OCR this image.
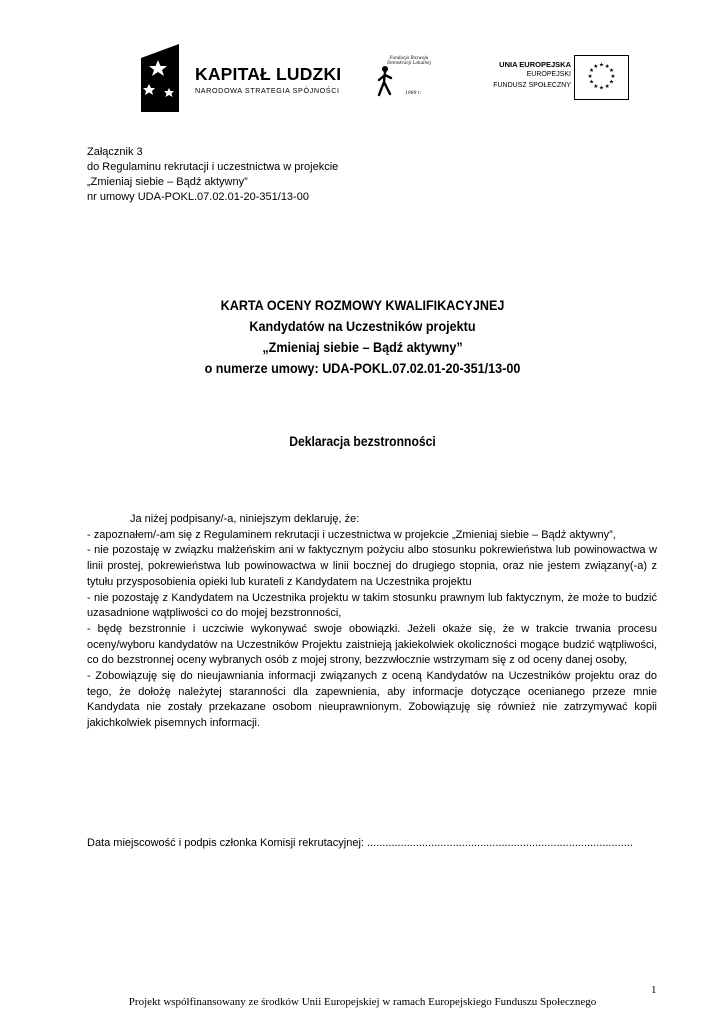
KAPITAŁ LUDZKI
NARODOWA STRATEGIA SPÓJNOŚCI
Fundacja Rozwoju Demokracji Lokalnej
1989 r.
UNIA EUROPEJSKA
EUROPEJSKI
FUNDUSZ SPOŁECZNY
★ ★
★
★
★
★
★
★
★
★
★
★
Załącznik 3
do Regulaminu rekrutacji i uczestnictwa w projekcie
„Zmieniaj siebie – Bądź aktywny”
nr umowy UDA-POKL.07.02.01-20-351/13-00
KARTA OCENY ROZMOWY KWALIFIKACYJNEJ
Kandydatów na Uczestników projektu
„Zmieniaj siebie – Bądź aktywny”
o numerze umowy: UDA-POKL.07.02.01-20-351/13-00
Deklaracja bezstronności

Ja niżej podpisany/-a, niniejszym deklaruję, że:

- zapoznałem/-am się z Regulaminem rekrutacji i uczestnictwa w projekcie „Zmieniaj siebie – Bądź aktywny”,

- nie pozostaję w związku małżeńskim ani w faktycznym pożyciu albo stosunku pokrewieństwa lub powinowactwa w linii prostej, pokrewieństwa lub powinowactwa w linii bocznej do drugiego stopnia, oraz nie jestem związany(-a) z tytułu przysposobienia opieki lub kurateli z Kandydatem na Uczestnika projektu

- nie pozostaję z Kandydatem na Uczestnika projektu w takim stosunku prawnym lub faktycznym, że może to budzić uzasadnione wątpliwości co do mojej bezstronności,

- będę bezstronnie i uczciwie wykonywać swoje obowiązki. Jeżeli okaże się, że w trakcie trwania procesu oceny/wyboru kandydatów na Uczestników Projektu zaistnieją jakiekolwiek okoliczności mogące budzić wątpliwości, co do bezstronnej oceny wybranych osób z mojej strony, bezzwłocznie wstrzymam się z od oceny danej osoby,

- Zobowiązuję się do nieujawniania informacji związanych z oceną Kandydatów na Uczestników projektu oraz do tego, że dołożę należytej staranności dla zapewnienia, aby informacje dotyczące ocenianego przeze mnie Kandydata nie zostały przekazane osobom nieuprawnionym. Zobowiązuję się również nie zatrzymywać kopii jakichkolwiek pisemnych informacji.

Data miejscowość i podpis członka Komisji rekrutacyjnej: .......................................................................................
1
Projekt współfinansowany ze środków Unii Europejskiej w ramach Europejskiego Funduszu Społecznego
